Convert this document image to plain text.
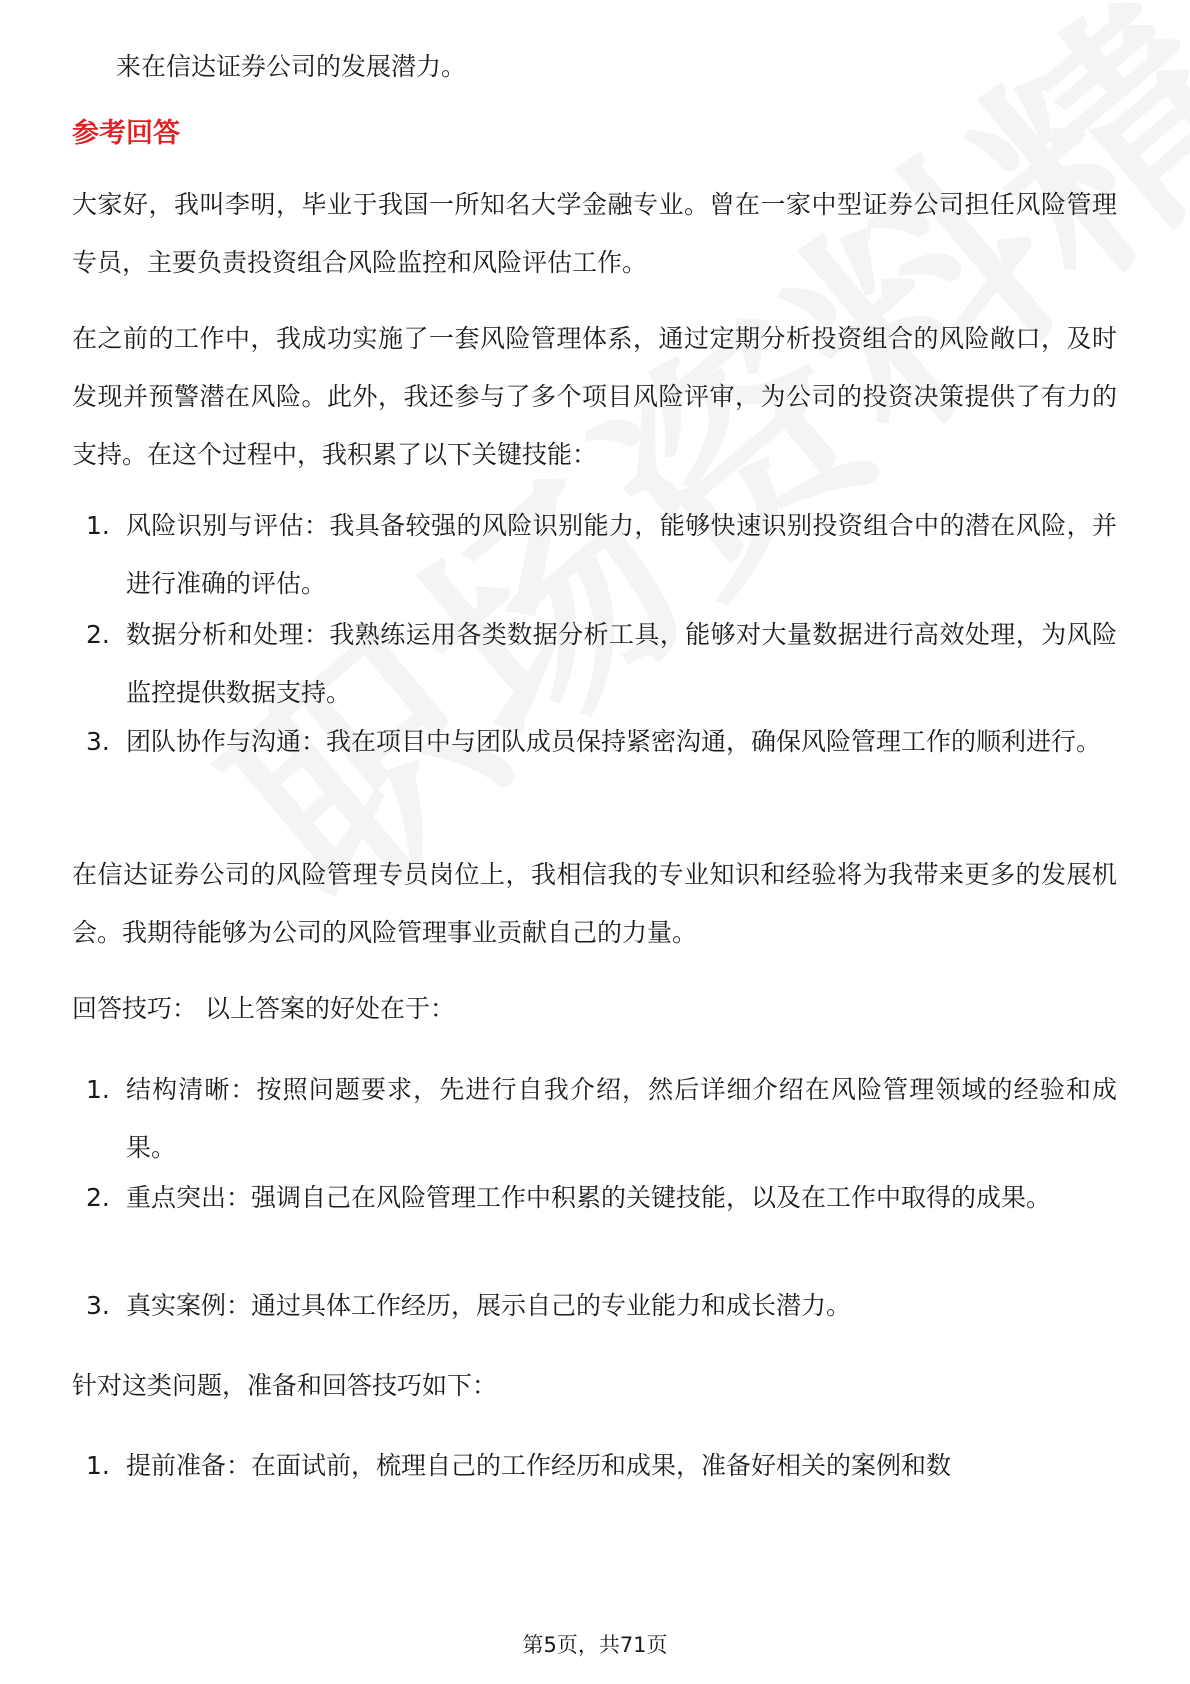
来在信达证券公司的发展潜力。
参考回答
大家好，我叫李明，毕业于我国一所知名大学金融专业。曾在一家中型证券公司担任风险管理专员，主要负责投资组合风险监控和风险评估工作。
在之前的工作中，我成功实施了一套风险管理体系，通过定期分析投资组合的风险敞口，及时发现并预警潜在风险。此外，我还参与了多个项目风险评审，为公司的投资决策提供了有力的支持。在这个过程中，我积累了以下关键技能：
1. 风险识别与评估：我具备较强的风险识别能力，能够快速识别投资组合中的潜在风险，并进行准确的评估。
2. 数据分析和处理：我熟练运用各类数据分析工具，能够对大量数据进行高效处理，为风险监控提供数据支持。
3. 团队协作与沟通：我在项目中与团队成员保持紧密沟通，确保风险管理工作的顺利进行。
在信达证券公司的风险管理专员岗位上，我相信我的专业知识和经验将为我带来更多的发展机会。我期待能够为公司的风险管理事业贡献自己的力量。
回答技巧： 以上答案的好处在于：
1. 结构清晰：按照问题要求，先进行自我介绍，然后详细介绍在风险管理领域的经验和成果。
2. 重点突出：强调自己在风险管理工作中积累的关键技能，以及在工作中取得的成果。
3. 真实案例：通过具体工作经历，展示自己的专业能力和成长潜力。
针对这类问题，准备和回答技巧如下：
1. 提前准备：在面试前，梳理自己的工作经历和成果，准备好相关的案例和数
第5页，共71页
